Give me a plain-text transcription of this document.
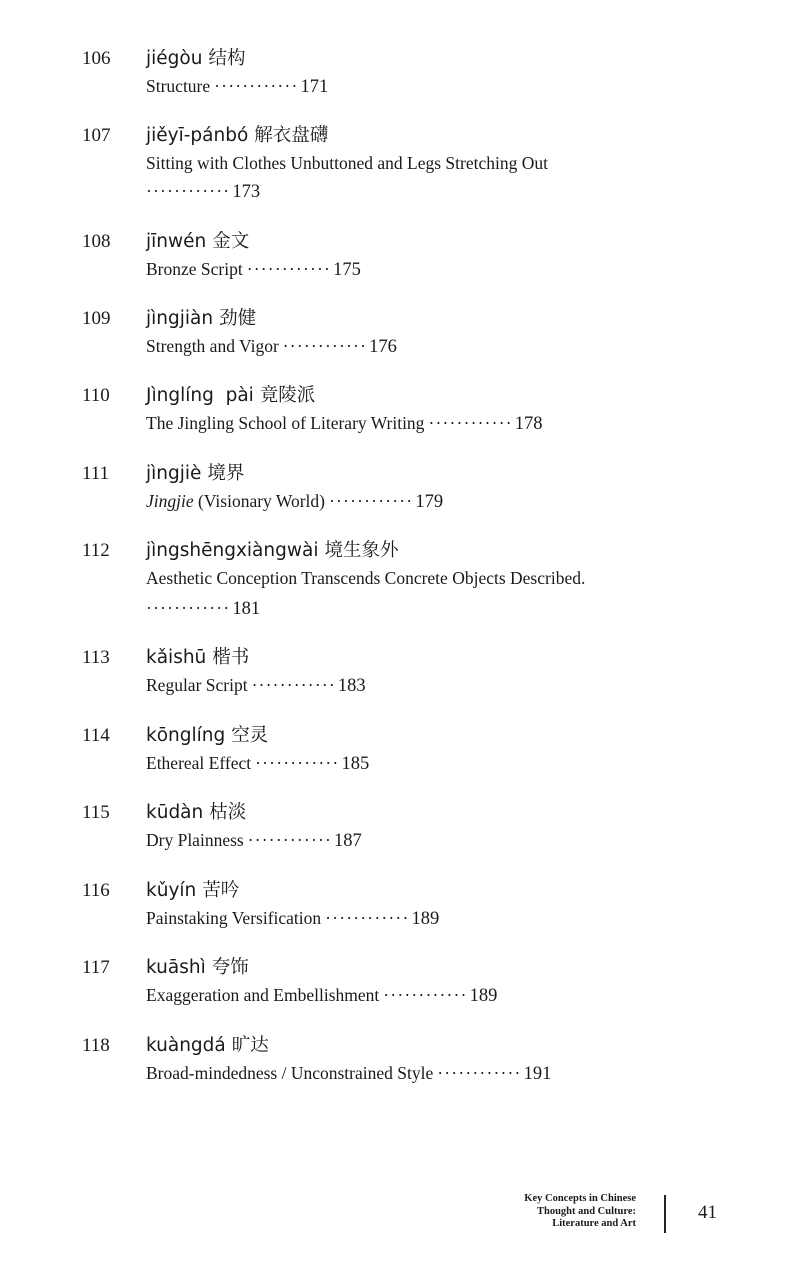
106 jiégòu 结构
Structure ············ 171
107 jiěyī-pánbó 解衣盘礴
Sitting with Clothes Unbuttoned and Legs Stretching Out
············ 173
108 jīnwén 金文
Bronze Script ············ 175
109 jìngjiàn 劲健
Strength and Vigor ············ 176
110 Jìnglíng  pài 竟陵派
The Jingling School of Literary Writing ············ 178
111 jìngjiè 境界
Jingjie (Visionary World) ············ 179
112 jìngshēngxiàngwài 境生象外
Aesthetic Conception Transcends Concrete Objects Described.
············ 181
113 kǎishū 楷书
Regular Script ············ 183
114 kōnglíng 空灵
Ethereal Effect ············ 185
115 kūdàn 枯淡
Dry Plainness ············ 187
116 kǔyín 苦吟
Painstaking Versification ············ 189
117 kuāshì 夸饰
Exaggeration and Embellishment ············ 189
118 kuàngdá 旷达
Broad-mindedness / Unconstrained Style ············ 191
Key Concepts in Chinese
Thought and Culture:
Literature and Art
41
